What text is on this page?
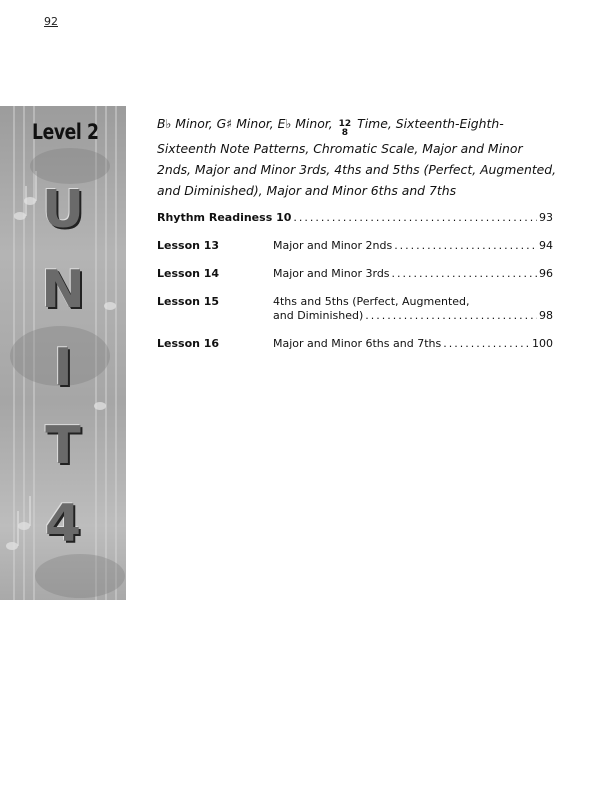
92
Level 2
U
N
I
T
4
B♭ Minor, G♯ Minor, E♭ Minor, 12
8
Time, Sixteenth-Eighth-Sixteenth Note Patterns, Chromatic Scale, Major and Minor 2nds, Major and Minor 3rds, 4ths and 5ths (Perfect, Augmented, and Diminished), Major and Minor 6ths and 7ths
Rhythm Readiness 10 .....	93
Lesson 13	Major and Minor 2nds .....	94
Lesson 14	Major and Minor 3rds .....	96
Lesson 15	4ths and 5ths (Perfect, Augmented,
and Diminished) .....	98
Lesson 16	Major and Minor 6ths and 7ths .....	100
